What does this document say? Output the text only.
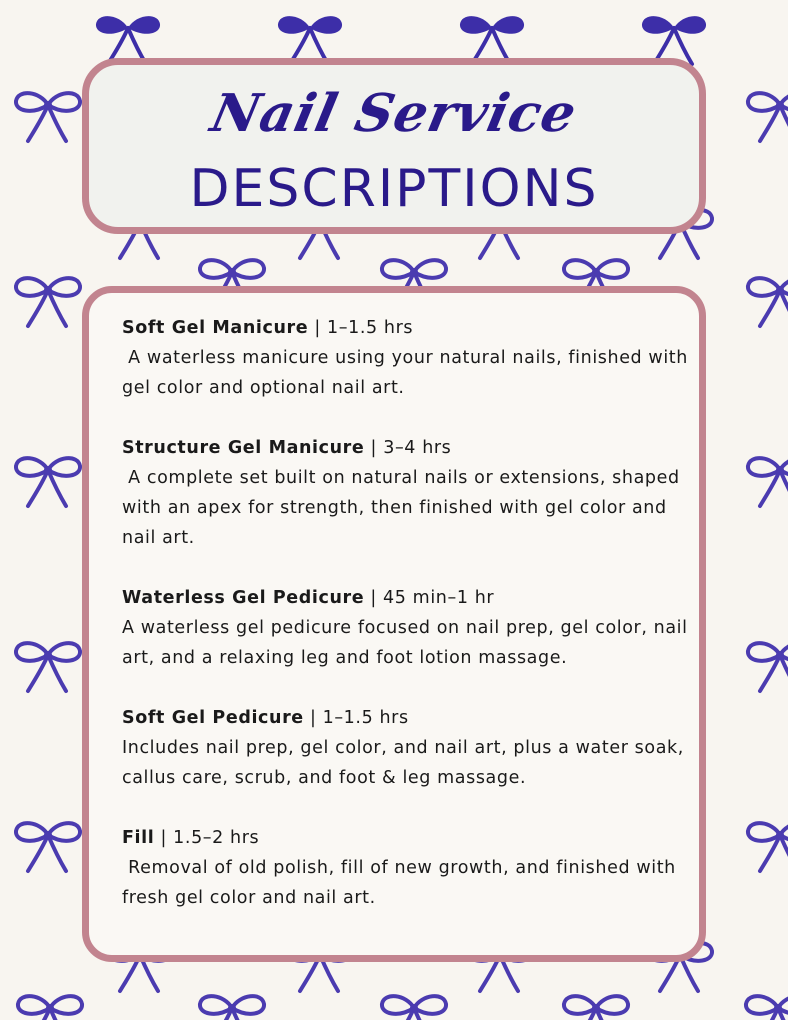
Nail Service
DESCRIPTIONS

Soft Gel Manicure | 1–1.5 hrs

A waterless manicure using your natural nails, finished with gel color and optional nail art.

Structure Gel Manicure | 3–4 hrs

A complete set built on natural nails or extensions, shaped with an apex for strength, then finished with gel color and nail art.

Waterless Gel Pedicure | 45 min–1 hr

A waterless gel pedicure focused on nail prep, gel color, nail art, and a relaxing leg and foot lotion massage.

Soft Gel Pedicure | 1–1.5 hrs

Includes nail prep, gel color, and nail art, plus a water soak, callus care, scrub, and foot & leg massage.

Fill | 1.5–2 hrs

Removal of old polish, fill of new growth, and finished with fresh gel color and nail art.
